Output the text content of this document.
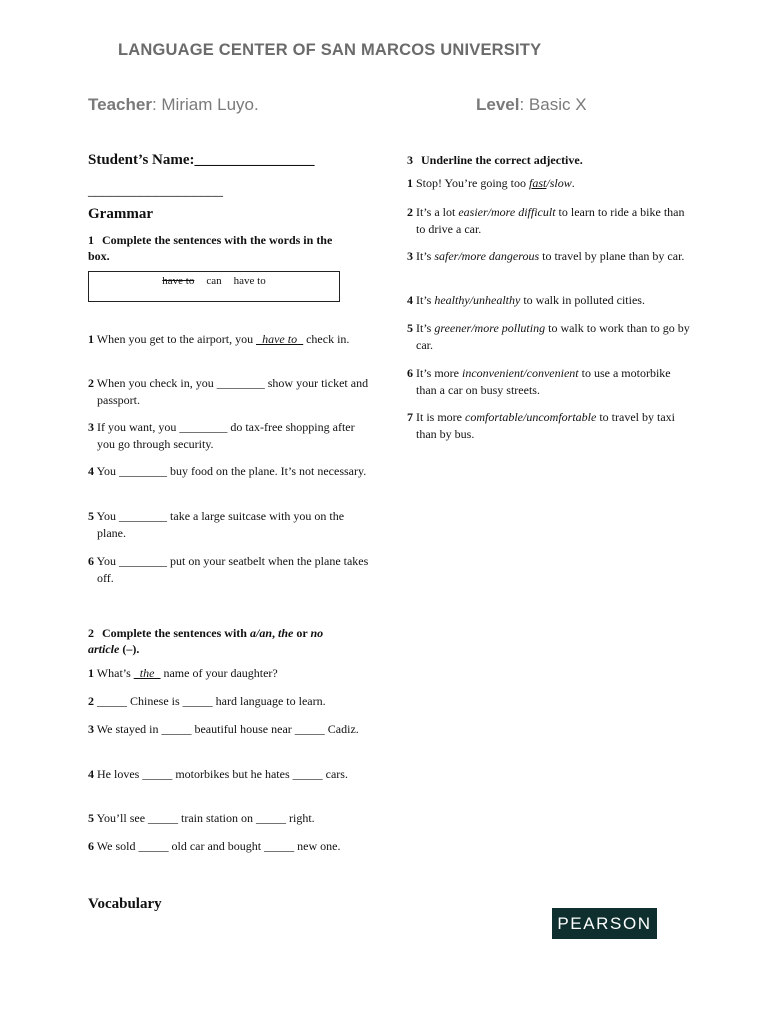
LANGUAGE CENTER OF SAN MARCOS UNIVERSITY
Teacher: Miriam Luyo.	Level: Basic X
Student’s Name:________________
__________________
Grammar
1 Complete the sentences with the words in the box.
have to can have to
1 When you get to the airport, you _have to_ check in.
2 When you check in, you ________ show your ticket and passport.
3 If you want, you ________ do tax-free shopping after you go through security.
4 You ________ buy food on the plane. It’s not necessary.
5 You ________ take a large suitcase with you on the plane.
6 You ________ put on your seatbelt when the plane takes off.
2 Complete the sentences with a/an, the or no article (–).
1 What’s _the_ name of your daughter?
2 _____ Chinese is _____ hard language to learn.
3 We stayed in _____ beautiful house near _____ Cadiz.
4 He loves _____ motorbikes but he hates _____ cars.
5 You’ll see _____ train station on _____ right.
6 We sold _____ old car and bought _____ new one.
Vocabulary
3 Underline the correct adjective.
1 Stop! You’re going too fast/slow.
2 It’s a lot easier/more difficult to learn to ride a bike than to drive a car.
3 It’s safer/more dangerous to travel by plane than by car.
4 It’s healthy/unhealthy to walk in polluted cities.
5 It’s greener/more polluting to walk to work than to go by car.
6 It’s more inconvenient/convenient to use a motorbike than a car on busy streets.
7 It is more comfortable/uncomfortable to travel by taxi than by bus.
PEARSON
